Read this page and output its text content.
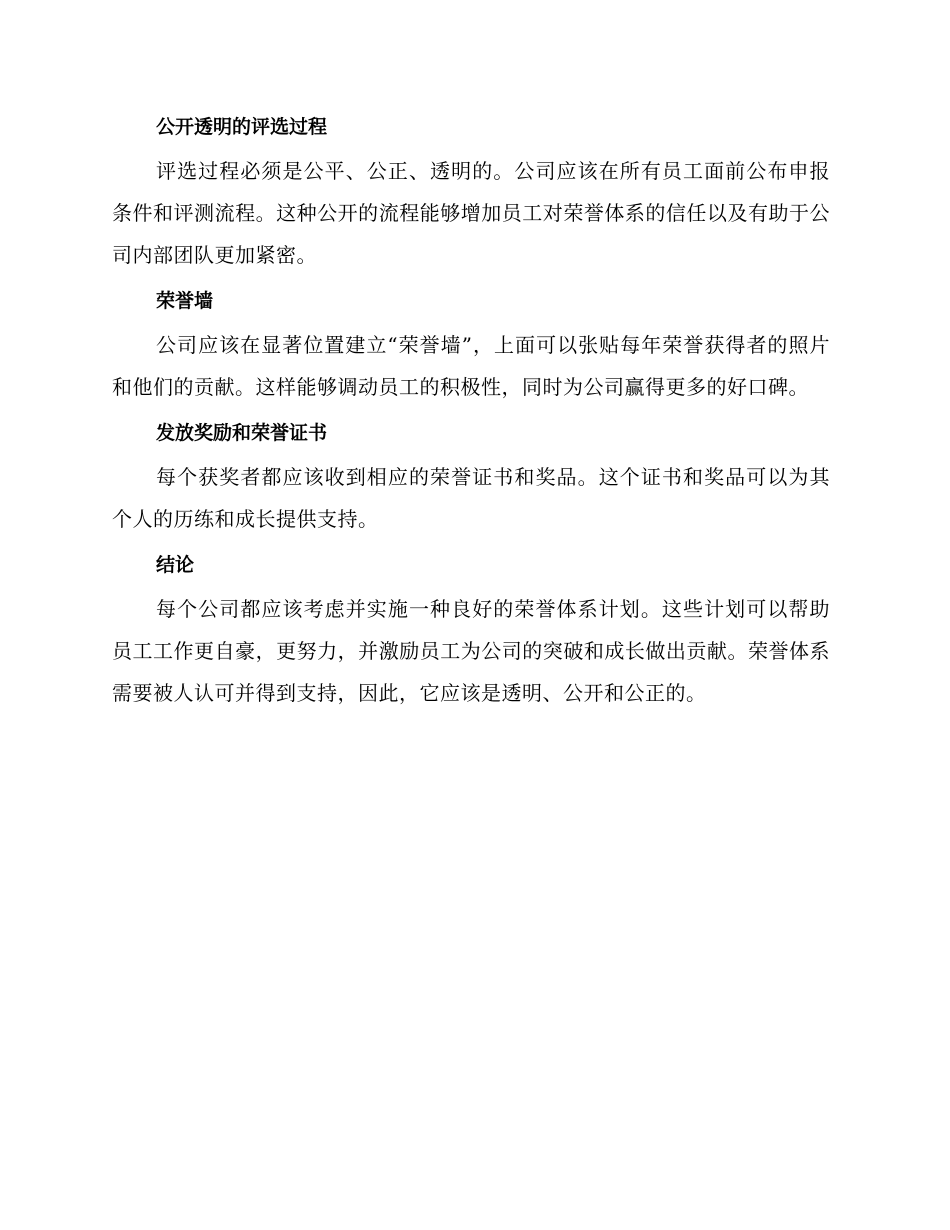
公开透明的评选过程

评选过程必须是公平、公正、透明的。公司应该在所有员工面前公布申报条件和评测流程。这种公开的流程能够增加员工对荣誉体系的信任以及有助于公司内部团队更加紧密。

荣誉墙

公司应该在显著位置建立“荣誉墙”，上面可以张贴每年荣誉获得者的照片和他们的贡献。这样能够调动员工的积极性，同时为公司赢得更多的好口碑。

发放奖励和荣誉证书

每个获奖者都应该收到相应的荣誉证书和奖品。这个证书和奖品可以为其个人的历练和成长提供支持。

结论

每个公司都应该考虑并实施一种良好的荣誉体系计划。这些计划可以帮助员工工作更自豪，更努力，并激励员工为公司的突破和成长做出贡献。荣誉体系需要被人认可并得到支持，因此，它应该是透明、公开和公正的。
